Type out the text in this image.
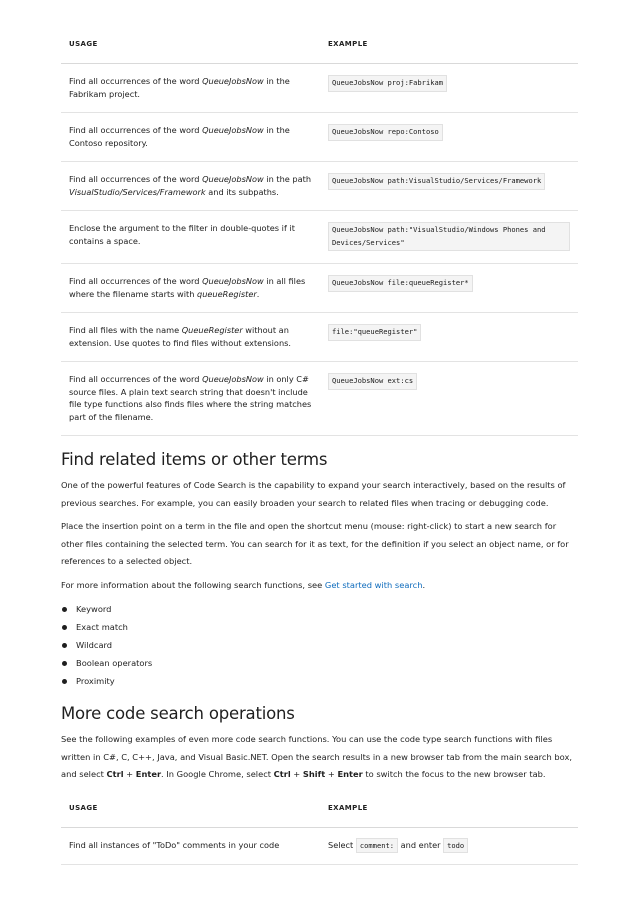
USAGE	EXAMPLE
Find all occurrences of the word QueueJobsNow in the Fabrikam project.	QueueJobsNow proj:Fabrikam
Find all occurrences of the word QueueJobsNow in the Contoso repository.	QueueJobsNow repo:Contoso
Find all occurrences of the word QueueJobsNow in the path VisualStudio/Services/Framework and its subpaths.	QueueJobsNow path:VisualStudio/Services/Framework
Enclose the argument to the filter in double-quotes if it contains a space.	QueueJobsNow path:"VisualStudio/Windows Phones and Devices/Services"
Find all occurrences of the word QueueJobsNow in all files where the filename starts with queueRegister.	QueueJobsNow file:queueRegister*
Find all files with the name QueueRegister without an extension. Use quotes to find files without extensions.	file:"queueRegister"
Find all occurrences of the word QueueJobsNow in only C# source files. A plain text search string that doesn't include file type functions also finds files where the string matches part of the filename.	QueueJobsNow ext:cs
Find related items or other terms

One of the powerful features of Code Search is the capability to expand your search interactively, based on the results of previous searches. For example, you can easily broaden your search to related files when tracing or debugging code.

Place the insertion point on a term in the file and open the shortcut menu (mouse: right-click) to start a new search for other files containing the selected term. You can search for it as text, for the definition if you select an object name, or for references to a selected object.

For more information about the following search functions, see Get started with search.

Keyword
Exact match
Wildcard
Boolean operators
Proximity
More code search operations

See the following examples of even more code search functions. You can use the code type search functions with files written in C#, C, C++, Java, and Visual Basic.NET. Open the search results in a new browser tab from the main search box, and select Ctrl + Enter. In Google Chrome, select Ctrl + Shift + Enter to switch the focus to the new browser tab.

USAGE	EXAMPLE
Find all instances of "ToDo" comments in your code	Select comment: and enter todo
